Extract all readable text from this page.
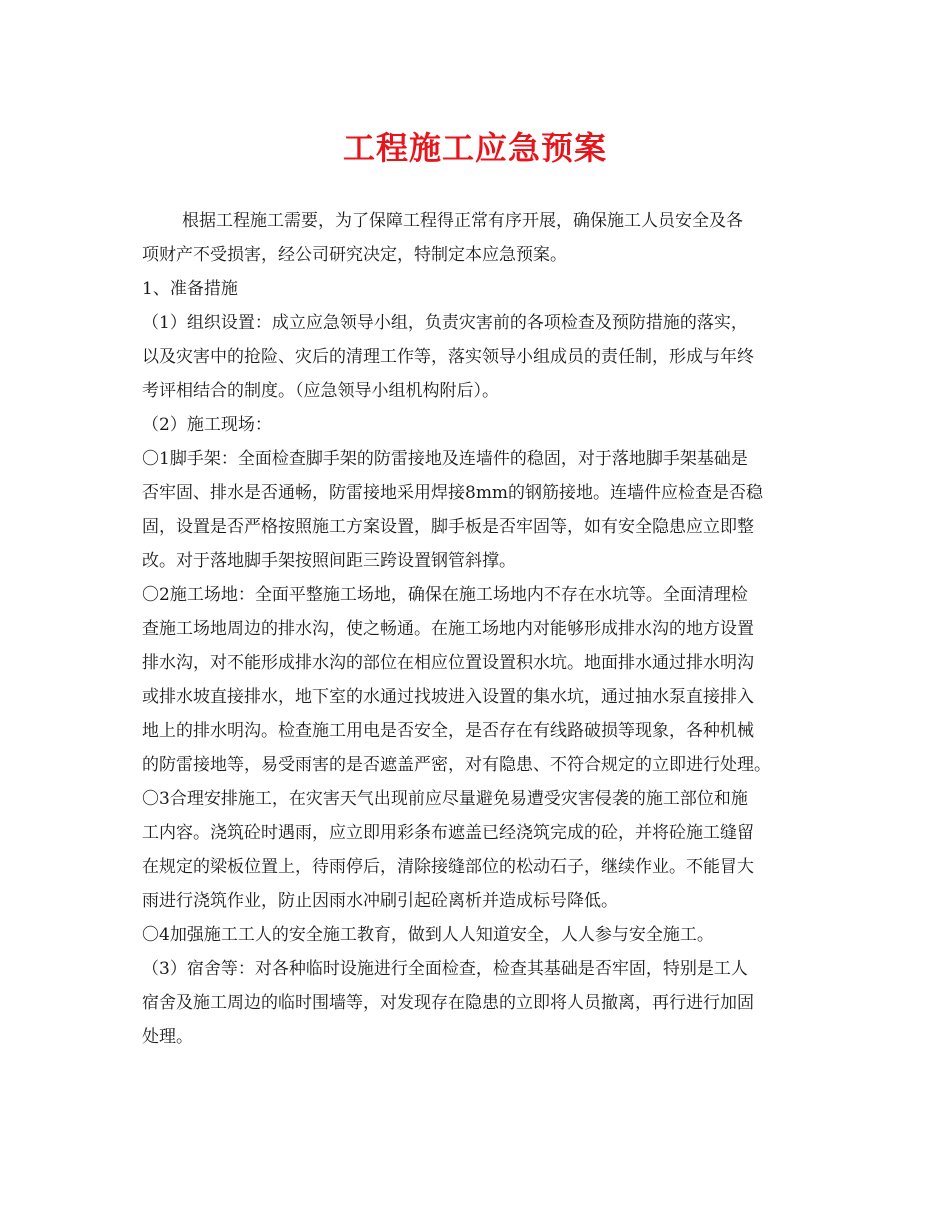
工程施工应急预案
根据工程施工需要，为了保障工程得正常有序开展，确保施工人员安全及各
项财产不受损害，经公司研究决定，特制定本应急预案。
1、准备措施
（1）组织设置：成立应急领导小组，负责灾害前的各项检查及预防措施的落实，
以及灾害中的抢险、灾后的清理工作等，落实领导小组成员的责任制，形成与年终
考评相结合的制度。（应急领导小组机构附后）。
（2）施工现场：
〇1脚手架：全面检查脚手架的防雷接地及连墙件的稳固，对于落地脚手架基础是
否牢固、排水是否通畅，防雷接地采用焊接8mm的钢筋接地。连墙件应检查是否稳
固，设置是否严格按照施工方案设置，脚手板是否牢固等，如有安全隐患应立即整
改。对于落地脚手架按照间距三跨设置钢管斜撑。
〇2施工场地：全面平整施工场地，确保在施工场地内不存在水坑等。全面清理检
查施工场地周边的排水沟，使之畅通。在施工场地内对能够形成排水沟的地方设置
排水沟，对不能形成排水沟的部位在相应位置设置积水坑。地面排水通过排水明沟
或排水坡直接排水，地下室的水通过找坡进入设置的集水坑，通过抽水泵直接排入
地上的排水明沟。检查施工用电是否安全，是否存在有线路破损等现象，各种机械
的防雷接地等，易受雨害的是否遮盖严密，对有隐患、不符合规定的立即进行处理。
〇3合理安排施工，在灾害天气出现前应尽量避免易遭受灾害侵袭的施工部位和施
工内容。浇筑砼时遇雨，应立即用彩条布遮盖已经浇筑完成的砼，并将砼施工缝留
在规定的梁板位置上，待雨停后，清除接缝部位的松动石子，继续作业。不能冒大
雨进行浇筑作业，防止因雨水冲刷引起砼离析并造成标号降低。
〇4加强施工工人的安全施工教育，做到人人知道安全，人人参与安全施工。
（3）宿舍等：对各种临时设施进行全面检查，检查其基础是否牢固，特别是工人
宿舍及施工周边的临时围墙等，对发现存在隐患的立即将人员撤离，再行进行加固
处理。
